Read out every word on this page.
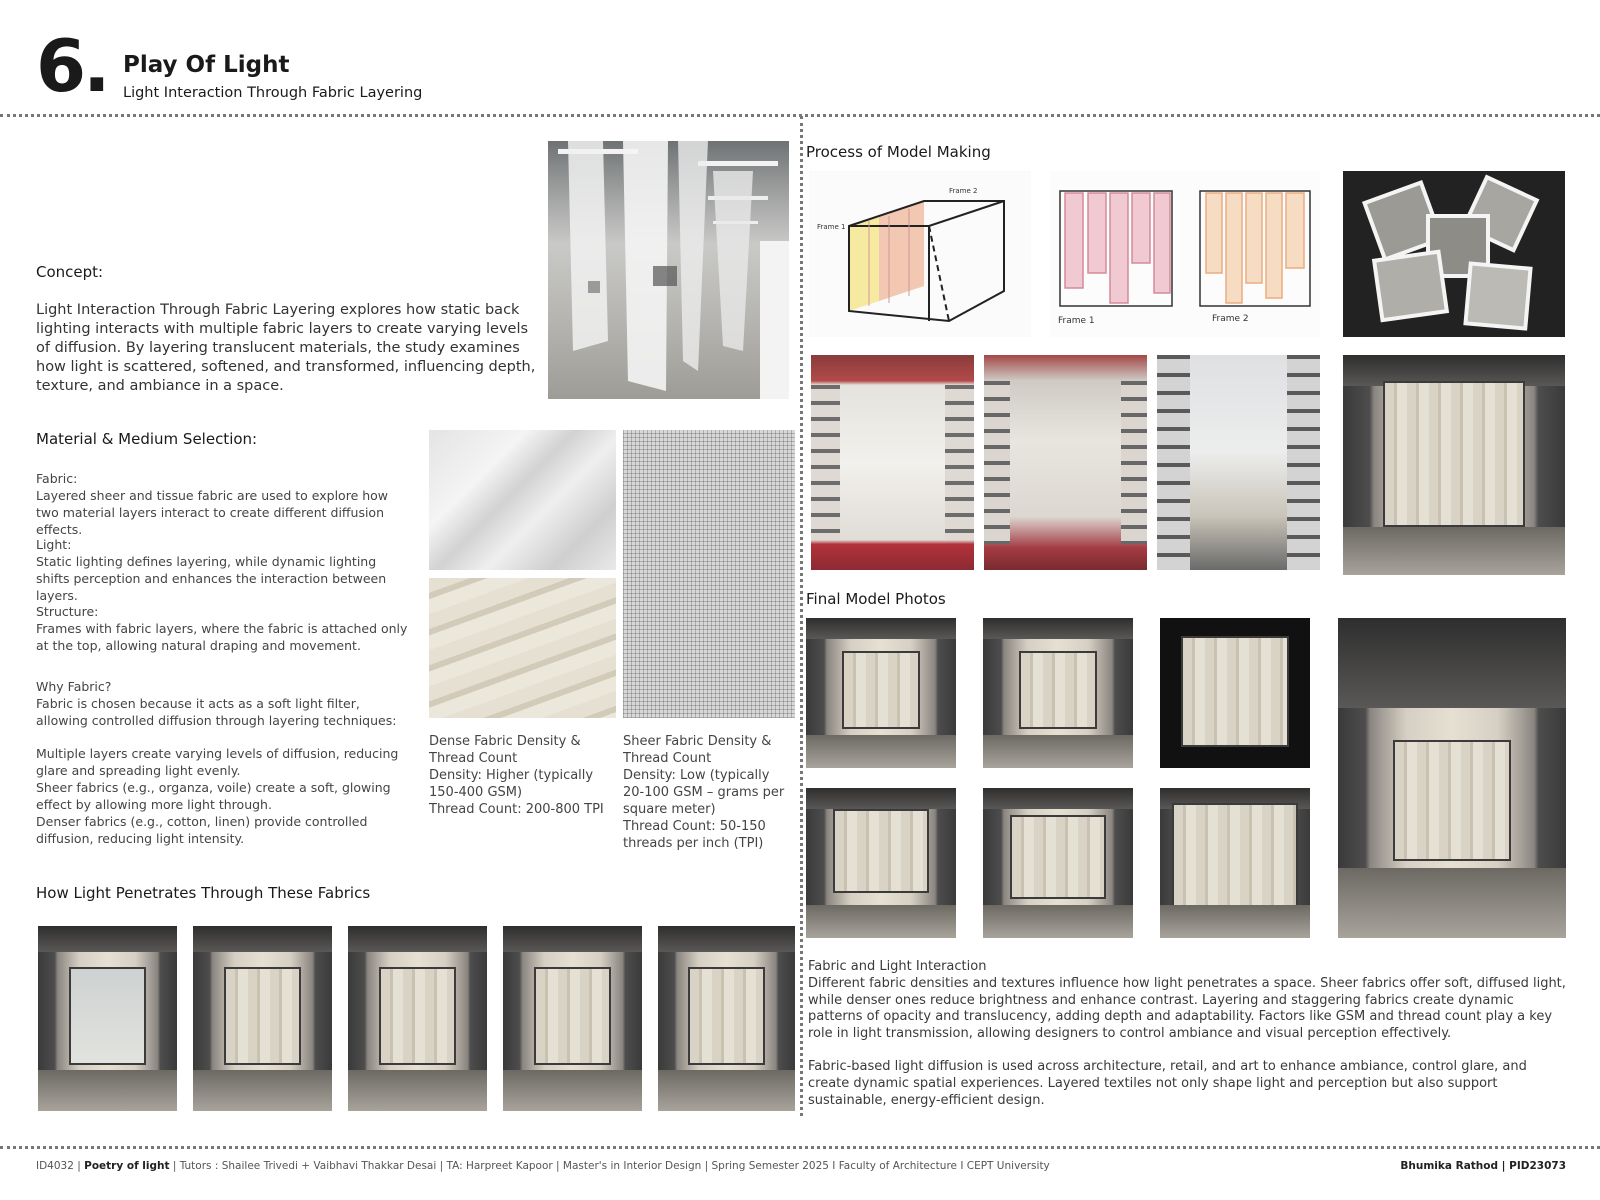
6. Play Of Light
Light Interaction Through Fabric Layering
Concept:
Light Interaction Through Fabric Layering explores how static back lighting interacts with multiple fabric layers to create varying levels of diffusion. By layering translucent materials, the study examines how light is scattered, softened, and transformed, influencing depth, texture, and ambiance in a space.
Material & Medium Selection:
Fabric:
Layered sheer and tissue fabric are used to explore how two material layers interact to create different diffusion effects.
Light:
Static lighting defines layering, while dynamic lighting shifts perception and enhances the interaction between layers.
Structure:
Frames with fabric layers, where the fabric is attached only at the top, allowing natural draping and movement.
Why Fabric?
Fabric is chosen because it acts as a soft light filter, allowing controlled diffusion through layering techniques:
Multiple layers create varying levels of diffusion, reducing glare and spreading light evenly.
Sheer fabrics (e.g., organza, voile) create a soft, glowing effect by allowing more light through.
Denser fabrics (e.g., cotton, linen) provide controlled diffusion, reducing light intensity.
Dense Fabric Density & Thread Count
Density: Higher (typically 150-400 GSM)
Thread Count: 200-800 TPI
Sheer Fabric Density & Thread Count
Density: Low (typically 20-100 GSM – grams per square meter)
Thread Count: 50-150 threads per inch (TPI)
How Light Penetrates Through These Fabrics
Process of Model Making
Frame 1
Frame 2
Frame 1	Frame 2
Final Model Photos
Fabric and Light Interaction
Different fabric densities and textures influence how light penetrates a space. Sheer fabrics offer soft, diffused light, while denser ones reduce brightness and enhance contrast. Layering and staggering fabrics create dynamic patterns of opacity and translucency, adding depth and adaptability. Factors like GSM and thread count play a key role in light transmission, allowing designers to control ambiance and visual perception effectively.
Fabric-based light diffusion is used across architecture, retail, and art to enhance ambiance, control glare, and create dynamic spatial experiences. Layered textiles not only shape light and perception but also support sustainable, energy-efficient design.
ID4032 | Poetry of light | Tutors : Shailee Trivedi + Vaibhavi Thakkar Desai | TA: Harpreet Kapoor | Master's in Interior Design | Spring Semester 2025 I Faculty of Architecture I CEPT University	Bhumika Rathod | PID23073
